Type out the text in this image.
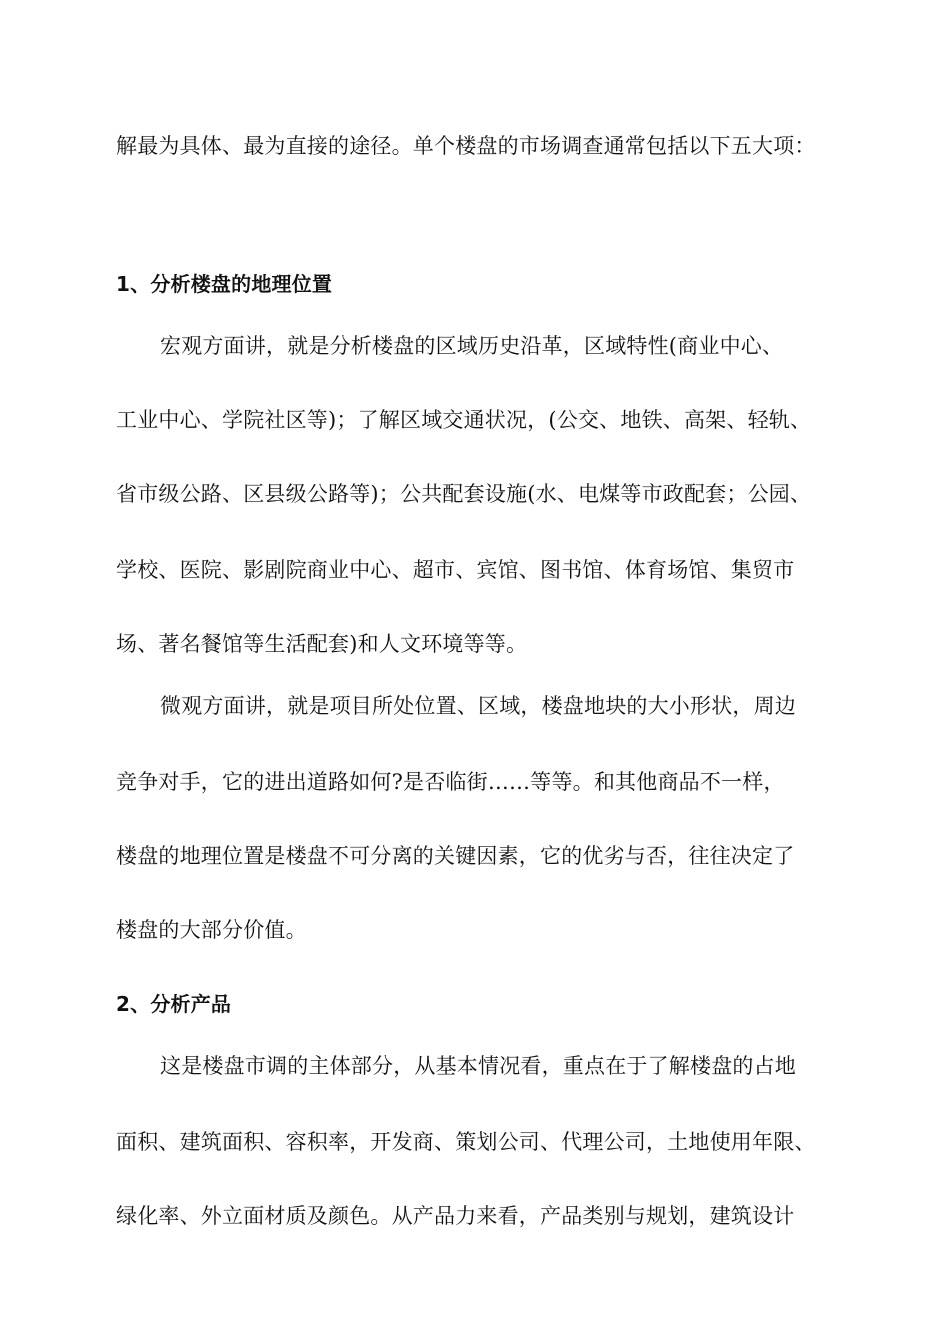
解最为具体、最为直接的途径。单个楼盘的市场调查通常包括以下五大项：
1、分析楼盘的地理位置
宏观方面讲，就是分析楼盘的区域历史沿革，区域特性(商业中心、
工业中心、学院社区等)；了解区域交通状况，(公交、地铁、高架、轻轨、
省市级公路、区县级公路等)；公共配套设施(水、电煤等市政配套；公园、
学校、医院、影剧院商业中心、超市、宾馆、图书馆、体育场馆、集贸市
场、著名餐馆等生活配套)和人文环境等等。
微观方面讲，就是项目所处位置、区域，楼盘地块的大小形状，周边
竞争对手，它的进出道路如何?是否临街……等等。和其他商品不一样，
楼盘的地理位置是楼盘不可分离的关键因素，它的优劣与否，往往决定了
楼盘的大部分价值。
2、分析产品
这是楼盘市调的主体部分，从基本情况看，重点在于了解楼盘的占地
面积、建筑面积、容积率，开发商、策划公司、代理公司，土地使用年限、
绿化率、外立面材质及颜色。从产品力来看，产品类别与规划，建筑设计
